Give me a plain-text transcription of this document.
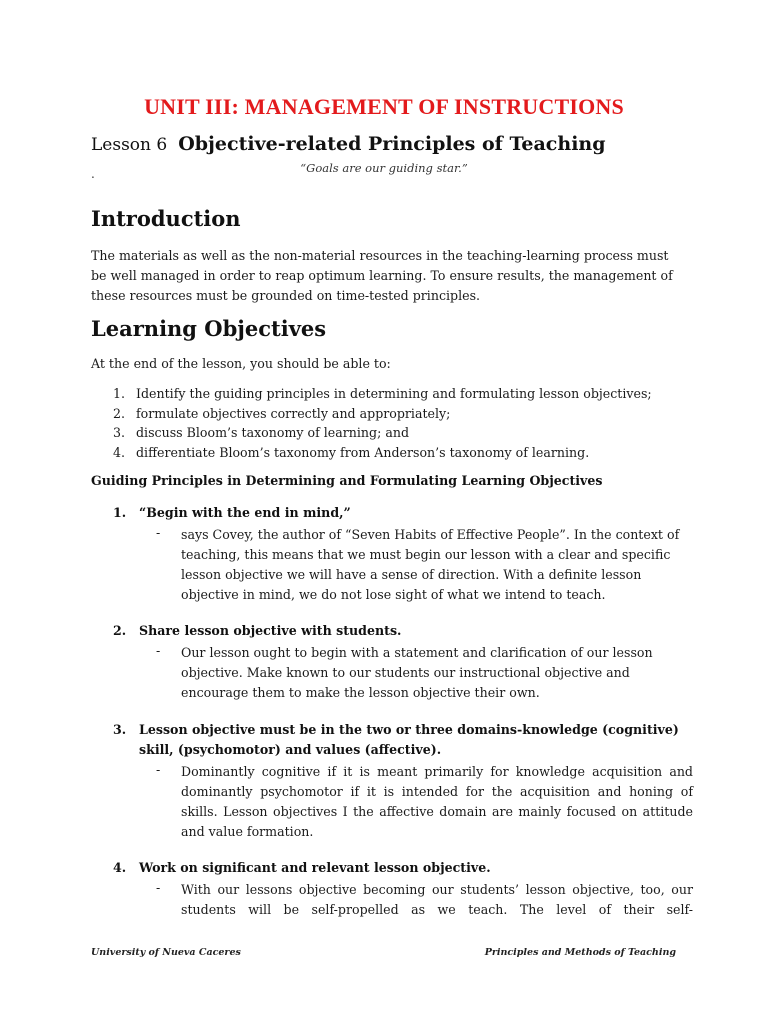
UNIT III: MANAGEMENT OF INSTRUCTIONS
Lesson 6 Objective-related Principles of Teaching
“Goals are our guiding star.”
.
Introduction
The materials as well as the non-material resources in the teaching-learning process must
be well managed in order to reap optimum learning. To ensure results, the management of
these resources must be grounded on time-tested principles.
Learning Objectives
At the end of the lesson, you should be able to:
1. Identify the guiding principles in determining and formulating lesson objectives;
2. formulate objectives correctly and appropriately;
3. discuss Bloom’s taxonomy of learning; and
4. differentiate Bloom’s taxonomy from Anderson’s taxonomy of learning.
Guiding Principles in Determining and Formulating Learning Objectives
1. “Begin with the end in mind,”
- says Covey, the author of “Seven Habits of Effective People”. In the context of
teaching, this means that we must begin our lesson with a clear and specific
lesson objective we will have a sense of direction. With a definite lesson
objective in mind, we do not lose sight of what we intend to teach.
2. Share lesson objective with students.
- Our lesson ought to begin with a statement and clarification of our lesson
objective. Make known to our students our instructional objective and
encourage them to make the lesson objective their own.
3. Lesson objective must be in the two or three domains-knowledge (cognitive)
skill, (psychomotor) and values (affective).
- Dominantly cognitive if it is meant primarily for knowledge acquisition and
dominantly psychomotor if it is intended for the acquisition and honing of
skills. Lesson objectives I the affective domain are mainly focused on attitude
and value formation.
4. Work on significant and relevant lesson objective.
- With our lessons objective becoming our students’ lesson objective, too, our
students will be self-propelled as we teach. The level of their self-
University of Nueva Caceres	Principles and Methods of Teaching
